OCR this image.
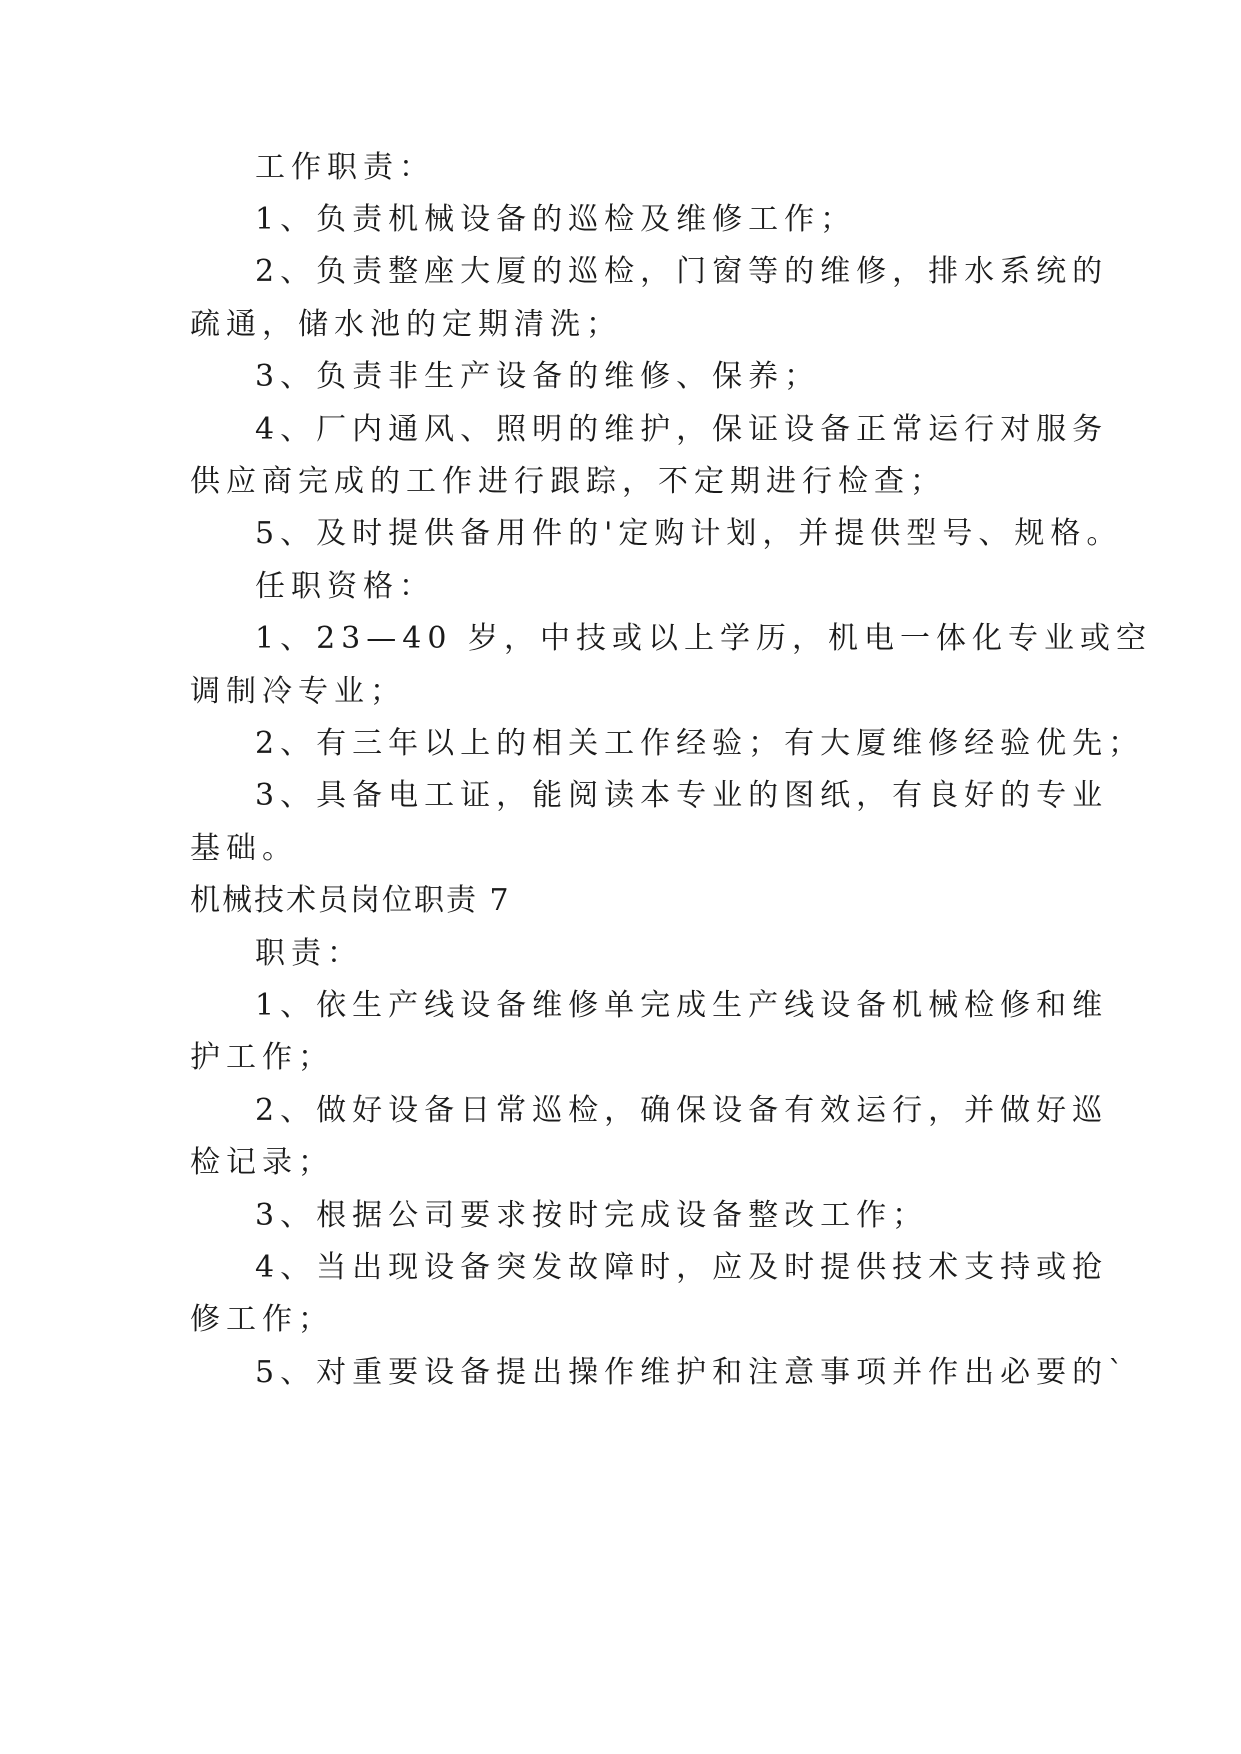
工作职责：
1、负责机械设备的巡检及维修工作；
2、负责整座大厦的巡检，门窗等的维修，排水系统的
疏通，储水池的定期清洗；
3、负责非生产设备的维修、保养；
4、厂内通风、照明的维护，保证设备正常运行对服务
供应商完成的工作进行跟踪，不定期进行检查；
5、及时提供备用件的'定购计划，并提供型号、规格。
任职资格：
1、23—40 岁，中技或以上学历，机电一体化专业或空
调制冷专业；
2、有三年以上的相关工作经验；有大厦维修经验优先；
3、具备电工证，能阅读本专业的图纸，有良好的专业
基础。
机械技术员岗位职责 7
职责：
1、依生产线设备维修单完成生产线设备机械检修和维
护工作；
2、做好设备日常巡检，确保设备有效运行，并做好巡
检记录；
3、根据公司要求按时完成设备整改工作；
4、当出现设备突发故障时，应及时提供技术支持或抢
修工作；
5、对重要设备提出操作维护和注意事项并作出必要的`
